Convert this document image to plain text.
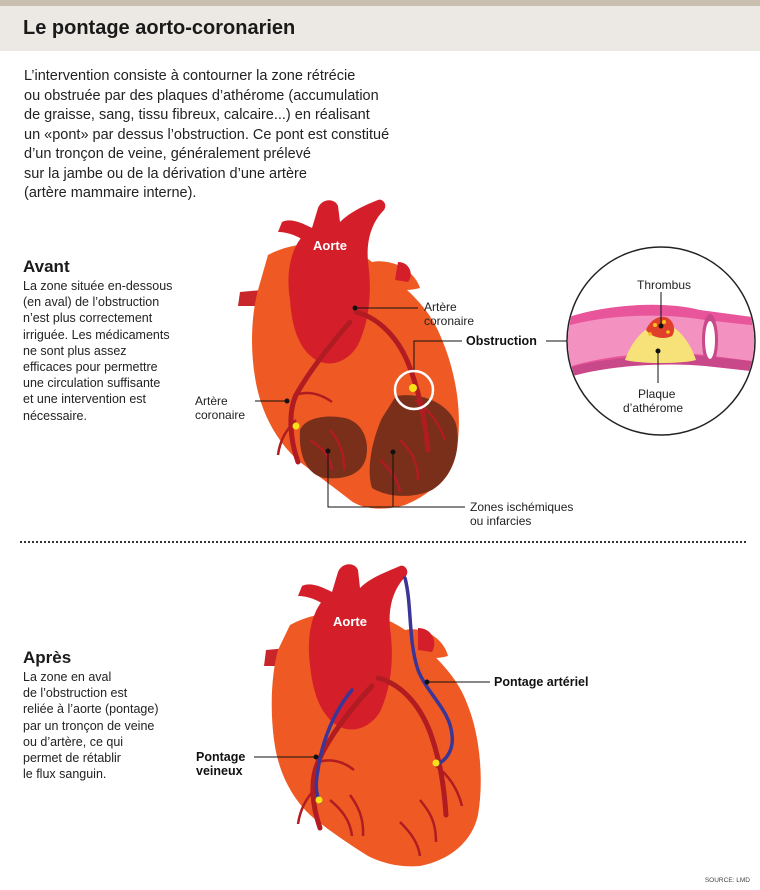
Le pontage aorto-coronarien
L’intervention consiste à contourner la zone rétrécie
ou obstruée par des plaques d’athérome (accumulation
de graisse, sang, tissu fibreux, calcaire...) en réalisant
un «pont» par dessus l’obstruction. Ce pont est constitué
d’un tronçon de veine, généralement prélevé
sur la jambe ou de la dérivation d’une artère
(artère mammaire interne).
Avant
La zone située en-dessous
(en aval) de l’obstruction
n’est plus correctement
irriguée. Les médicaments
ne sont plus assez
efficaces pour permettre
une circulation suffisante
et une intervention est
nécessaire.
Après
La zone en aval
de l’obstruction est
reliée à l’aorte (pontage)
par un tronçon de veine
ou d’artère, ce qui
permet de rétablir
le flux sanguin.
Aorte
Artère
coronaire
Artère
coronaire
Obstruction
Zones ischémiques
ou infarcies
Thrombus
Plaque
d’athérome
Aorte
Pontage artériel
Pontage
veineux
SOURCE: LMD
